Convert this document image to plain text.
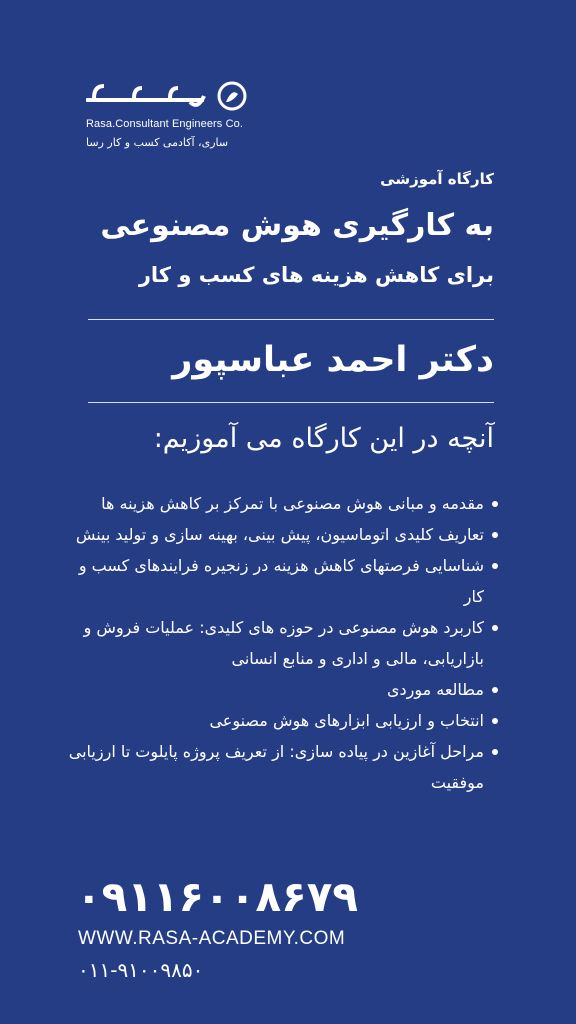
Rasa.Consultant Engineers Co.
ساری، آکادمی کسب و کار رسا
کارگاه آموزشی
به کارگیری هوش مصنوعی
برای کاهش هزینه های کسب و کار
دکتر احمد عباسپور
آنچه در این کارگاه می آموزیم:
مقدمه و مبانی هوش مصنوعی با تمرکز بر کاهش هزینه ها
تعاریف کلیدی اتوماسیون، پیش بینی، بهینه سازی و تولید بینش
شناسایی فرصتهای کاهش هزینه در زنجیره فرایندهای کسب و کار
کاربرد هوش مصنوعی در حوزه های کلیدی: عملیات فروش و بازاریابی، مالی و اداری و منابع انسانی
مطالعه موردی
انتخاب و ارزیابی ابزارهای هوش مصنوعی
مراحل آغازین در پیاده سازی: از تعریف پروژه پایلوت تا ارزیابی موفقیت
۰۹۱۱۶۰۰۸۶۷۹
WWW.RASA-ACADEMY.COM
۰۱۱-۹۱۰۰۹۸۵۰
